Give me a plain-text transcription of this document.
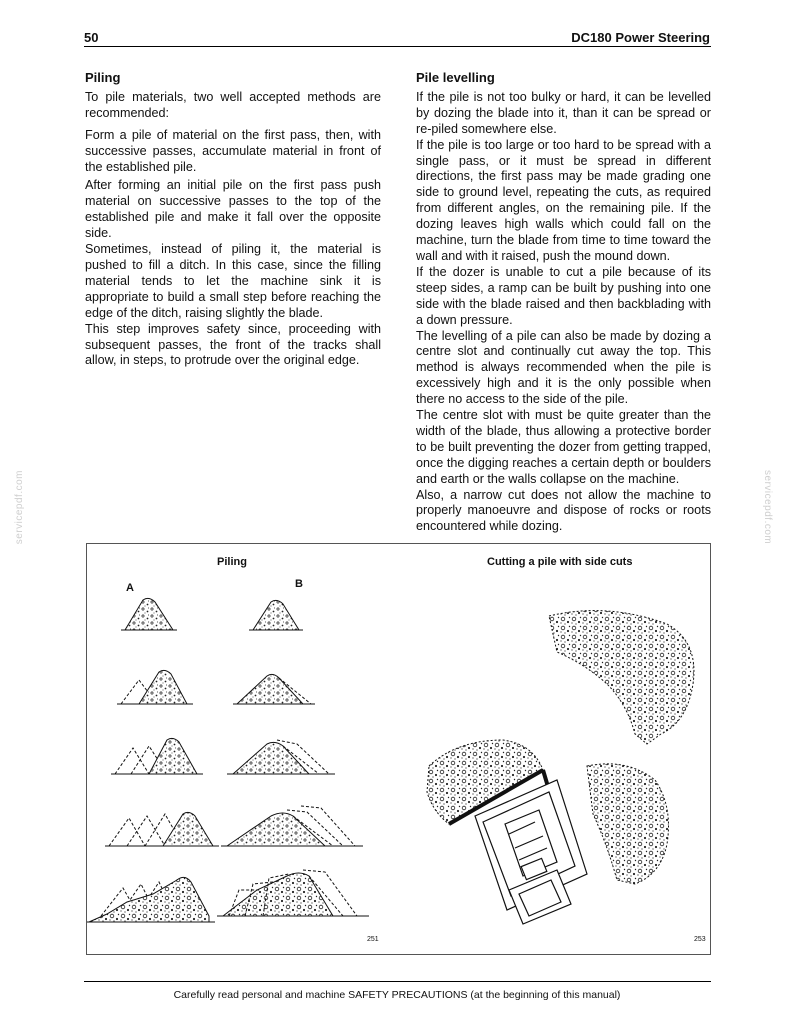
50	DC180 Power Steering
Piling

To pile materials, two well accepted methods are recommended:

Form a pile of material on the first pass, then, with successive passes, accumulate material in front of the established pile.

After forming an initial pile on the first pass push material on successive passes to the top of the established pile and make it fall over the opposite side.

Sometimes, instead of piling it, the material is pushed to fill a ditch. In this case, since the filling material tends to let the machine sink it is appropriate to build a small step before reaching the edge of the ditch, raising slightly the blade.

This step improves safety since, proceeding with subsequent passes, the front of the tracks shall allow, in steps, to protrude over the original edge.

Pile levelling

If the pile is not too bulky or hard, it can be levelled by dozing the blade into it, than it can be spread or re-piled somewhere else.

If the pile is too large or too hard to be spread with a single pass, or it must be spread in different directions, the first pass may be made grading one side to ground level, repeating the cuts, as required from different angles, on the remaining pile. If the dozing leaves high walls which could fall on the machine, turn the blade from time to time toward the wall and with it raised, push the mound down.

If the dozer is unable to cut a pile because of its steep sides, a ramp can be built by pushing into one side with the blade raised and then backblading with a down pressure.

The levelling of a pile can also be made by dozing a centre slot and continually cut away the top. This method is always recommended when the pile is excessively high and it is the only possible when there no access to the side of the pile.

The centre slot with must be quite greater than the width of the blade, thus allowing a protective border to be built preventing the dozer from getting trapped, once the digging reaches a certain depth or boulders and earth or the walls collapse on the machine.

Also, a narrow cut does not allow the machine to properly manoeuvre and dispose of rocks or roots encountered while dozing.

Piling
A	B
251
Cutting a pile with side cuts
253
Carefully read personal and machine SAFETY PRECAUTIONS (at the beginning of this manual)
servicepdf.com	servicepdf.com
